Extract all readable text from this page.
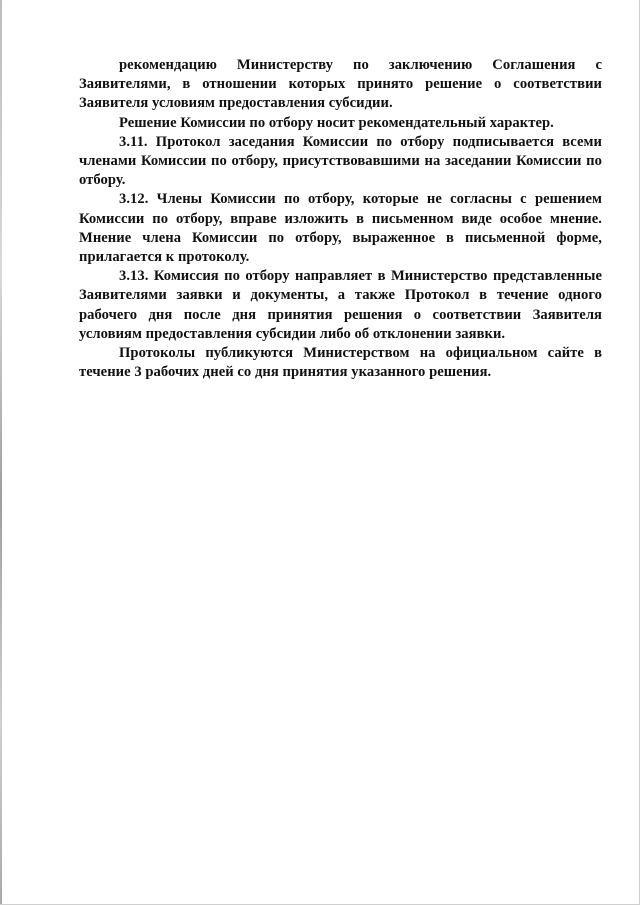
рекомендацию Министерству по заключению Соглашения с Заявителями, в отношении которых принято решение о соответствии Заявителя условиям предоставления субсидии.

Решение Комиссии по отбору носит рекомендательный характер.

3.11. Протокол заседания Комиссии по отбору подписывается всеми членами Комиссии по отбору, присутствовавшими на заседании Комиссии по отбору.

3.12. Члены Комиссии по отбору, которые не согласны с решением Комиссии по отбору, вправе изложить в письменном виде особое мнение. Мнение члена Комиссии по отбору, выраженное в письменной форме, прилагается к протоколу.

3.13. Комиссия по отбору направляет в Министерство представленные Заявителями заявки и документы, а также Протокол в течение одного рабочего дня после дня принятия решения о соответствии Заявителя условиям предоставления субсидии либо об отклонении заявки.

Протоколы публикуются Министерством на официальном сайте в течение 3 рабочих дней со дня принятия указанного решения.
